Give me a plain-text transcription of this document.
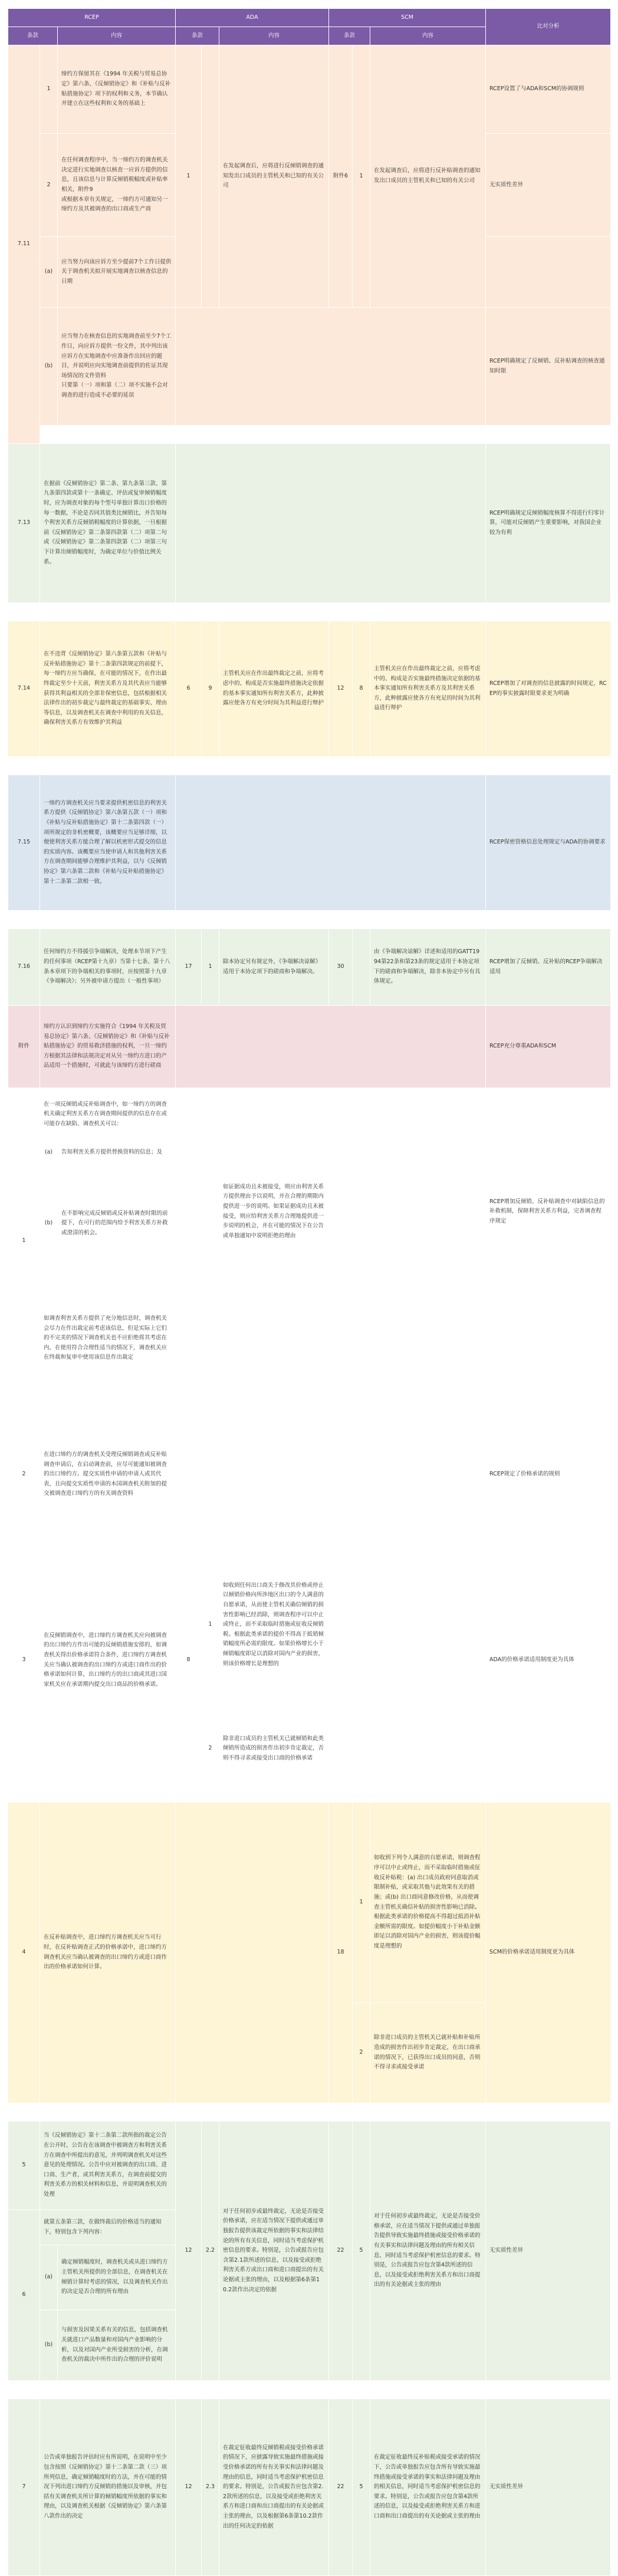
RCEP			ADA			SCM			比对分析
条款		内容	条款		内容	条款		内容	
7.11	1	缔约方保留其在《1994 年关税与贸易总协定》第六条、《反倾销协定》和《补贴与反补贴措施协定》项下的权利和义务，本节确认并建立在这些权利和义务的基础上	1		在发起调查后，应将进行反倾销调查的通知发出口成员的主管机关和已知的有关公司	附件6	1	在发起调查后，应将进行反补贴调查的通知发出口成员的主管机关和已知的有关公司	RCEP设置了与ADA和SCM的协调规则
	2	在任何调查程序中，当一缔约方的调查机关决定进行实地调查以核查一应诉方提供的信息，且该信息与计算反倾销税幅度或补贴率相关，附件9
或根据本章有关规定，一缔约方可通知另一缔约方及其被调查的出口商或生产商							无实质性差异
	(a)	应当努力向该应诉方至少提前7个工作日提供关于调查机关拟开展实地调查以核查信息的日期							
	(b)	应当努力在核查信息的实地调查前至少7个工作日，向应诉方提供一份文件，其中列出该应诉方在实地调查中应准备作出回应的题目，并说明应向实地调查前提供的佐证其现场情况的文件资料
只要第（一）项和第（二）项不实施不会对调查的进行造成不必要的延误							RCEP明确规定了反倾销、反补贴调查的核查通知时限

7.13	在据前《反倾销协定》第二条、第九条第三款、第九条第四款或第十一条确定、评估或复审倾销幅度时，应为调查对象的每个型号单独计算出口价格的每一数据，不论是否同其值类比倾销比，并告知每个利害关系方反倾销税幅度的计算依据，一旦根据前《反倾销协定》第二条第四款第（二）项第二句或《反倾销协定》第二条第四款第（二）项第三句下计算出倾销幅度时，为确定单位与价值比例关系。								RCEP明确规定反倾销幅度核算不得进行归零计算，可能对反倾销产生重要影响，对我国企业较为有利

7.14	在不违背《反倾销协定》第六条第五款和《补贴与反补贴措施协定》第十二条第四款规定的前提下，每一缔约方应当确保，在可能的情况下，在作出最终裁定至少十天前，利害关系方及其代表应当能够获得其利益相关的全部非保密信息，包括根据相关法律作出的初步裁定与最终裁定的基础事实、理由等信息，以及调查机关在调查中利用的有关信息，确保利害关系方有效维护其利益		6	9	主管机关应在作出最终裁定之前，应将考虑中的、构成是否实施最终措施决定依据的基本事实通知所有利害关系方，此种披露应使各方有充分时间为其利益进行辩护	12	8	主管机关应在作出最终裁定之前，应将考虑中的、构成是否实施最终措施决定依据的基本事实通知所有利害关系方及其利害关系方，此种披露应使各方有充足的时间为其利益进行辩护	RCEP增加了对调查的信息披露的时间规定，RCEP的事实披露时限要求更为明确

7.15	一缔约方调查机关应当要求提供机密信息的利害关系方提供《反倾销协定》第六条第五款（一）项和《补贴与反补贴措施协定》第十二条第四款（一）项所规定的非机密概要，该概要应当足够详细，以便使利害关系方能合理了解以机密形式提交的信息的实质内容。该概要应当使申请人和其他利害关系方在调查期间能够合理维护其利益，以与《反倾销协定》第六条第二款和《补贴与反补贴措施协定》第十二条第二款相一致。								RCEP保密资格信息处理规定与ADA的协调要求

7.16	任何缔约方不得援引争端解决，处理本节项下产生的任何事项（RCEP第十九章）当第十七条、第十八条本章项下的争端相关的事项时，应按照第十九章《争端解决》；另外被申请方提出（一般性事项）		17	1	除本协定另有规定外，《争端解决谅解》适用于本协定项下的磋商和争端解决。	30		由《争端解决谅解》详述和适用的GATT1994第22条和第23条的规定适用于本协定项下的磋商和争端解决，除非本协定中另有具体规定。	RCEP增加了反倾销、反补贴的RCEP争端解决适用
附件	缔约方认识到缔约方实施符合《1994 年关税及贸易总协定》第六条、《反倾销协定》和《补贴与反补贴措施协定》的贸易救济措施的权利，一旦一缔约方根据其法律和法规决定对从另一缔约方进口的产品适用一个措施时，可就此与该缔约方进行磋商								RCEP充分尊重ADA和SCM
1	在一项反倾销或反补贴调查中，如一缔约方的调查机关确定利害关系方在调查期间提供的信息存在或可能存在缺陷、调查机关可以：								
	(a)	告知利害关系方提供替换资料的信息；及			如证据成功且未被接受，则应由利害关系方提供理由予以说明，并在合理的期限内提供进一步的说明。如果证据成功且未被接受，则应给利害关系方合理地提供进一步说明的机会，并在可能的情况下在公告或单独通知中说明拒绝的理由				RCEP增加反倾销、反补贴调查中对缺陷信息的补救机制，保障利害关系方利益，完善调查程序规定
	(b)	在不影响完成反倾销或反补贴调查时限的前提下，在可行的范围内给予利害关系方补救或澄清的机会。							
	如调查利害关系方提供了充分地信息时，调查机关会尽力在作出裁定前考虑该信息，但是实际上它们的不完美的情况下调查机关也不应拒绝将其考虑在内，在使用符合合理性适当的情况下，调查机关应在终裁和复审中使用该信息作出裁定								

2	在进口缔约方的调查机关受理反倾销调查或反补贴调查申请后，在启动调查前，应尽可能通知被调查的出口缔约方。提交实质性申请的申请人或其代表，且向提交实质性申请的本国调查机关附加的提交被调查进口缔约方的有关调查资料								RCEP规定了价格承诺的规则
3	在反倾销调查中，进口缔约方调查机关应向被调查的出口缔约方作出可能的反倾销措施安排的，如调查机关得出价格承诺符合条件，进口缔约方调查机关应当确认被调查的出口缔约方或进口商作出的价格承诺如何计算，出口缔约方的出口商或其进口国家机关应在承诺期内提交出口商品的价格承诺。		8	1	如收到任何出口商关于修改其价格或停止以倾销价格向所涉地区出口的令人满意的自愿承诺，从而使主管机关确信倾销的损害性影响已经消除，则调查程序可以中止或终止，而不采取临时措施或征收反倾销税。根据此类承诺的提价不得高于抵销倾销幅度所必需的限度。如果价格增长小于倾销幅度即足以消除对国内产业的损害，则该价格增长是理想的				ADA的价格承诺适用制度更为具体
				2	除非进口成员的主管机关已就倾销和此类倾销所造成的损害作出初步肯定裁定，否则不得寻求或接受出口商的价格承诺				

4	在反补贴调查中，进口缔约方调查机关应当可行时，在反补贴调查正式的价格承诺中，进口缔约方调查机关应当确认被调查的出口缔约方或进口商作出的价格承诺如何计算。					18	1	如收到下列令人满意的自愿承诺，则调查程序可以中止或终止，而不采取临时措施或征收反补贴税：(a) 出口成员政府同意取消或限制补贴，或采取其他与此效果有关的措施；或(b) 出口商同意修改价格，从而使调查主管机关确信补贴的损害性影响已消除。根据此类承诺的价格提高不得超过抵消补贴金额所需的限度。如提价幅度小于补贴金额即足以消除对国内产业的损害，则该提价幅度是理想的	SCM的价格承诺适用制度更为具体
							2	除非进口成员的主管机关已就补贴和补贴所造成的损害作出初步肯定裁定，在出口商承诺的情况下，已获得出口成员的同意，否则不得寻求或接受承诺	

5	当《反倾销协定》第十二条第二款所指的裁定公告在公开时，公告在在该调查中被调查方和利害关系方在调查中所提出的意见，并列明调查机关对这些意见的处理情况。公告中应对被调查的出口商、进口商、生产者，或其利害关系方，在调查前提交的利害关系方的相关材料和信息，并说明调查机关的处理		12	2.2	对于任何初步或最终裁定，无论是否接受价格承诺，应在适当情况下提供或通过单独报告提供该裁定所依据的事实和法律结论的所有有关信息，同时适当考虑保护机密信息的要求。特别是，公告或报告应包含第2.1款所述的信息，以及接受或拒绝利害关系方或出口商和进口商提出的有关论据或主张的理由，以及根据第6条第10.2款作出决定的依据	22	5	对于任何初步或最终裁定，无论是否接受价格承诺，应在适当情况下提供或通过单独报告提供导致实施最终措施或接受价格承诺的有关事实和法律问题及理由的所有相关信息，同时适当考虑保护机密信息的要求。特别是，公告或报告应包含第4款所述的信息，以及接受或拒绝利害关系方和出口商提出的有关论据或主张的理由	无实质性差异
6	就第五条第三款，在做终裁后的价格适当的通知下，特别包含下列内容：								
	(a)	确定倾销幅度时，调查机关或从进口缔约方主管机关所提供的全部信息，在调查机关在倾销计算时考虑的情况，以及调查机关作出的决定是否合理的所有理由							
	(b)	与损害及因果关系有关的信息，包括调查机关就进口产品数量和对国内产业影响的分析，以及对国内产业所受损害的分析，在调查机关的裁决中所作出的合理的评价说明							

7	公告或单独报告评估时应有所说明，在说明中至少包含按照《反倾销协定》第十二条第二款（三）项所列信息，确定倾销幅度时的方法，并在可能的情况下列出进口缔约方反倾销的措施以及审核，并包括有关调查机关所计算的倾销幅度所依据的事实和理由，以及调查机关根据《反倾销协定》第六条第八款作出的决定		12	2.3	在裁定征收最终反倾销税或接受价格承诺的情况下，应披露导致实施最终措施或接受价格承诺的所有有关事实和法律问题及理由的信息，同时适当考虑保护机密信息的要求。特别是，公告或报告应包含第2.2款所述的信息，以及接受或拒绝利害关系方和进口商和出口商提出的有关论据或主张的理由，以及根据第6条第10.2款作出的任何决定的依据	22	5	在裁定征收最终反补贴税或接受承诺的情况下，公告或单独报告应包含所有导致实施最终措施或接受承诺的事实和法律问题及理由的相关信息，同时适当考虑保护机密信息的要求。特别是，公告或报告应包含第4款所述的信息，以及接受或拒绝利害关系方和进口商和出口商提出的有关论据或主张的理由	无实质性差异
